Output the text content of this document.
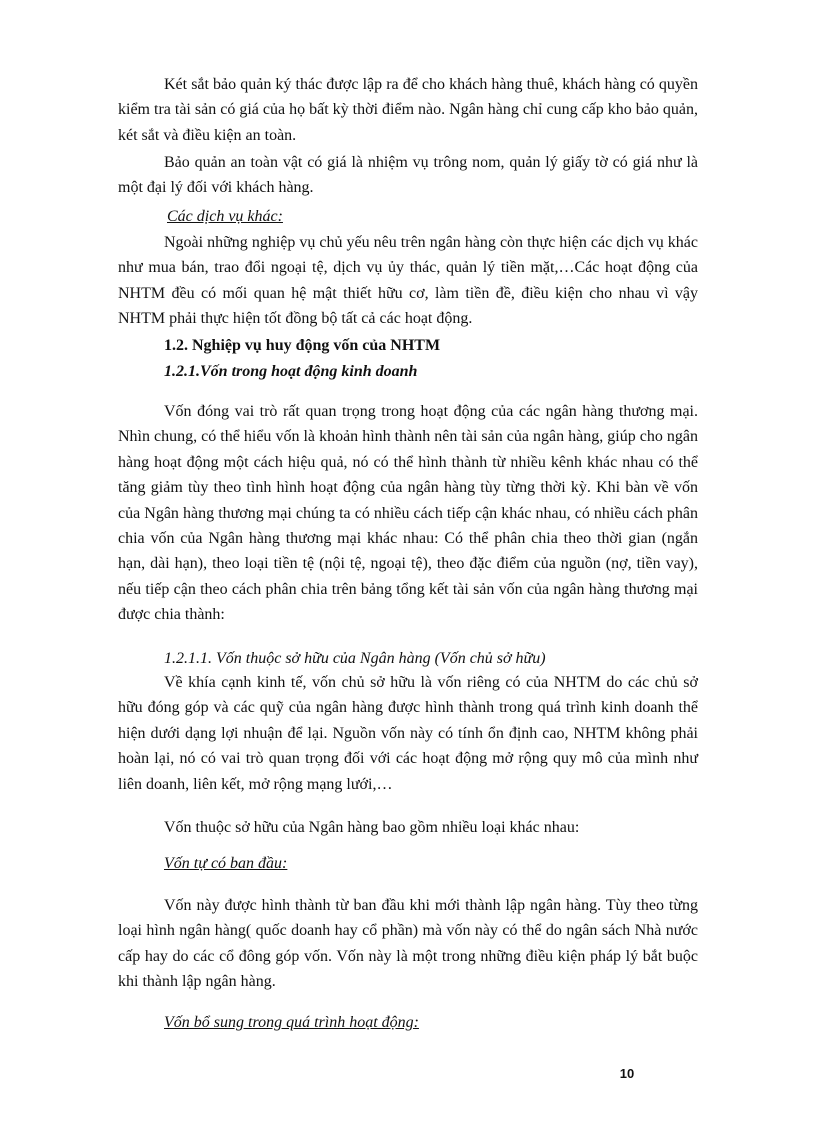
Két sắt bảo quản ký thác được lập ra để cho khách hàng thuê, khách hàng có quyền kiểm tra tài sản có giá của họ bất kỳ thời điểm nào. Ngân hàng chỉ cung cấp kho bảo quản, két sắt và điều kiện an toàn.

Bảo quản an toàn vật có giá là nhiệm vụ trông nom, quản lý giấy tờ có giá như là một đại lý đối với khách hàng.

Các dịch vụ khác:

Ngoài những nghiệp vụ chủ yếu nêu trên ngân hàng còn thực hiện các dịch vụ khác như mua bán, trao đổi ngoại tệ, dịch vụ ủy thác, quản lý tiền mặt,…Các hoạt động của NHTM đều có mối quan hệ mật thiết hữu cơ, làm tiền đề, điều kiện cho nhau vì vậy NHTM phải thực hiện tốt đồng bộ tất cả các hoạt động.

1.2. Nghiệp vụ huy động vốn của NHTM

1.2.1.Vốn trong hoạt động kinh doanh

Vốn đóng vai trò rất quan trọng trong hoạt động của các ngân hàng thương mại. Nhìn chung, có thể hiểu vốn là khoản hình thành nên tài sản của ngân hàng, giúp cho ngân hàng hoạt động một cách hiệu quả, nó có thể hình thành từ nhiều kênh khác nhau có thể tăng giảm tùy theo tình hình hoạt động của ngân hàng tùy từng thời kỳ. Khi bàn về vốn của Ngân hàng thương mại chúng ta có nhiều cách tiếp cận khác nhau, có nhiều cách phân chia vốn của Ngân hàng thương mại khác nhau: Có thể phân chia theo thời gian (ngắn hạn, dài hạn), theo loại tiền tệ (nội tệ, ngoại tệ), theo đặc điểm của nguồn (nợ, tiền vay), nếu tiếp cận theo cách phân chia trên bảng tổng kết tài sản vốn của ngân hàng thương mại được chia thành:

1.2.1.1. Vốn thuộc sở hữu của Ngân hàng (Vốn chủ sở hữu)

Về khía cạnh kinh tế, vốn chủ sở hữu là vốn riêng có của NHTM do các chủ sở hữu đóng góp và các quỹ của ngân hàng được hình thành trong quá trình kinh doanh thể hiện dưới dạng lợi nhuận để lại. Nguồn vốn này có tính ổn định cao, NHTM không phải hoàn lại, nó có vai trò quan trọng đối với các hoạt động mở rộng quy mô của mình như liên doanh, liên kết, mở rộng mạng lưới,…

Vốn thuộc sở hữu của Ngân hàng bao gồm nhiều loại khác nhau:

Vốn tự có ban đầu:

Vốn này được hình thành từ ban đầu khi mới thành lập ngân hàng. Tùy theo từng loại hình ngân hàng( quốc doanh hay cổ phần) mà vốn này có thể do ngân sách Nhà nước cấp hay do các cổ đông góp vốn. Vốn này là một trong những điều kiện pháp lý bắt buộc khi thành lập ngân hàng.

Vốn bổ sung trong quá trình hoạt động:

10
